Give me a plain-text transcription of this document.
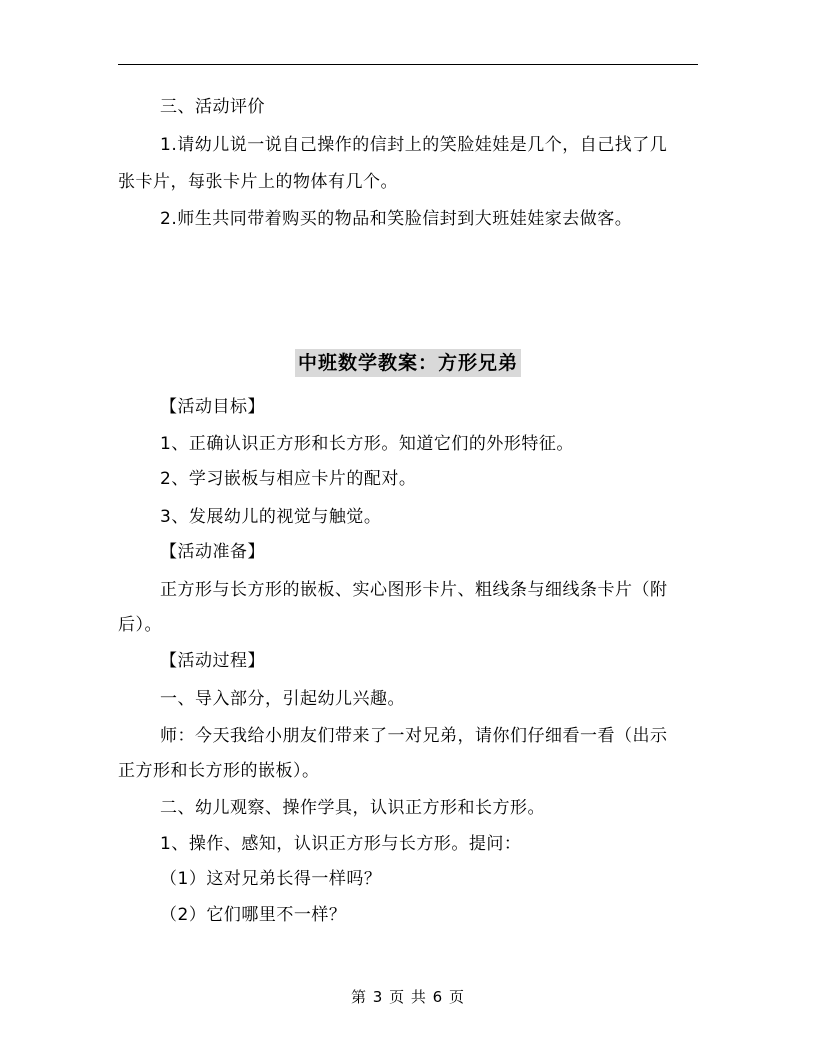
三、活动评价
1.请幼儿说一说自己操作的信封上的笑脸娃娃是几个，自己找了几
张卡片，每张卡片上的物体有几个。
2.师生共同带着购买的物品和笑脸信封到大班娃娃家去做客。
中班数学教案：方形兄弟
【活动目标】
1、正确认识正方形和长方形。知道它们的外形特征。
2、学习嵌板与相应卡片的配对。
3、发展幼儿的视觉与触觉。
【活动准备】
正方形与长方形的嵌板、实心图形卡片、粗线条与细线条卡片（附
后）。
【活动过程】
一、导入部分，引起幼儿兴趣。
师：今天我给小朋友们带来了一对兄弟，请你们仔细看一看（出示
正方形和长方形的嵌板）。
二、幼儿观察、操作学具，认识正方形和长方形。
1、操作、感知，认识正方形与长方形。提问：
（1）这对兄弟长得一样吗？
（2）它们哪里不一样？
第 3 页 共 6 页
